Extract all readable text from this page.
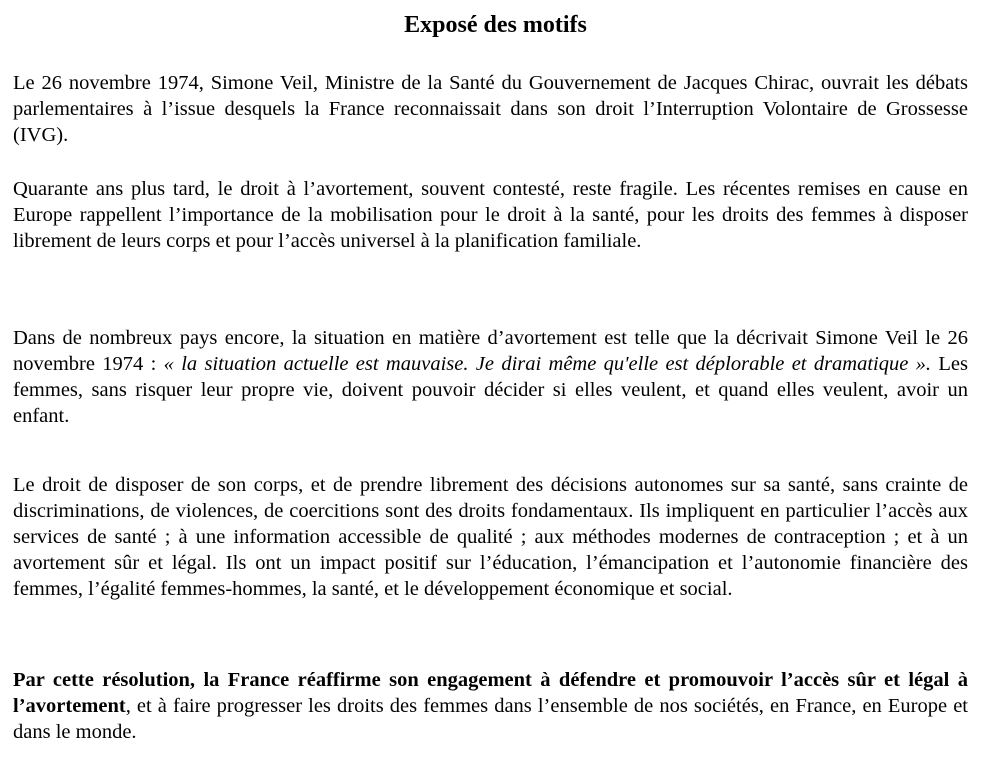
Exposé des motifs

Le 26 novembre 1974, Simone Veil, Ministre de la Santé du Gouvernement de Jacques Chirac, ouvrait les débats parlementaires à l’issue desquels la France reconnaissait dans son droit l’Interruption Volontaire de Grossesse (IVG).

Quarante ans plus tard, le droit à l’avortement, souvent contesté, reste fragile. Les récentes remises en cause en Europe rappellent l’importance de la mobilisation pour le droit à la santé, pour les droits des femmes à disposer librement de leurs corps et pour l’accès universel à la planification familiale.

Dans de nombreux pays encore, la situation en matière d’avortement est telle que la décrivait Simone Veil le 26 novembre 1974 : « la situation actuelle est mauvaise. Je dirai même qu'elle est déplorable et dramatique ». Les femmes, sans risquer leur propre vie, doivent pouvoir décider si elles veulent, et quand elles veulent, avoir un enfant.

Le droit de disposer de son corps, et de prendre librement des décisions autonomes sur sa santé, sans crainte de discriminations, de violences, de coercitions sont des droits fondamentaux. Ils impliquent en particulier l’accès aux services de santé ; à une information accessible de qualité ; aux méthodes modernes de contraception ; et à un avortement sûr et légal. Ils ont un impact positif sur l’éducation, l’émancipation et l’autonomie financière des femmes, l’égalité femmes-hommes, la santé, et le développement économique et social.

Par cette résolution, la France réaffirme son engagement à défendre et promouvoir l’accès sûr et légal à l’avortement, et à faire progresser les droits des femmes dans l’ensemble de nos sociétés, en France, en Europe et dans le monde.
